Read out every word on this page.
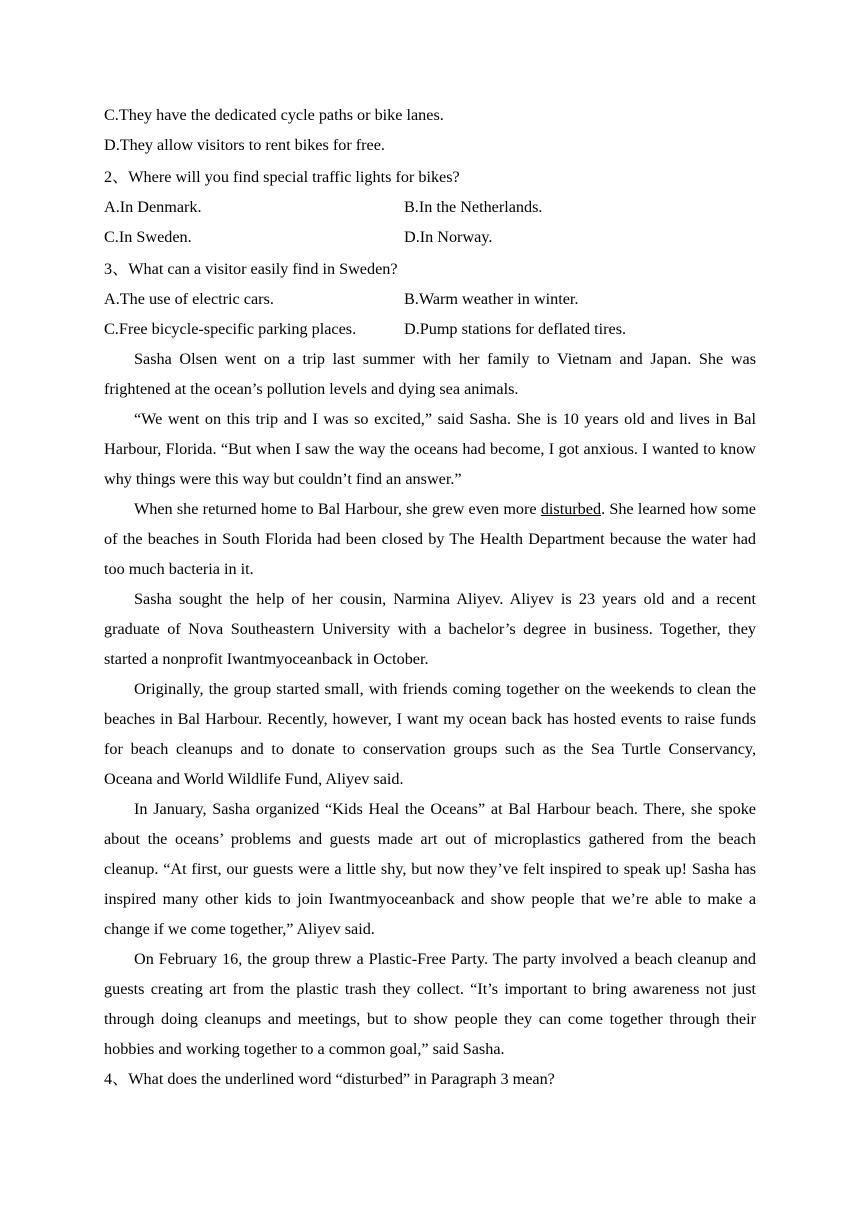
C.They have the dedicated cycle paths or bike lanes.
D.They allow visitors to rent bikes for free.
2、Where will you find special traffic lights for bikes?
A.In Denmark.	B.In the Netherlands.
C.In Sweden.	D.In Norway.
3、What can a visitor easily find in Sweden?
A.The use of electric cars.	B.Warm weather in winter.
C.Free bicycle-specific parking places.	D.Pump stations for deflated tires.

Sasha Olsen went on a trip last summer with her family to Vietnam and Japan. She was frightened at the ocean’s pollution levels and dying sea animals.

“We went on this trip and I was so excited,” said Sasha. She is 10 years old and lives in Bal Harbour, Florida. “But when I saw the way the oceans had become, I got anxious. I wanted to know why things were this way but couldn’t find an answer.”

When she returned home to Bal Harbour, she grew even more disturbed. She learned how some of the beaches in South Florida had been closed by The Health Department because the water had too much bacteria in it.

Sasha sought the help of her cousin, Narmina Aliyev. Aliyev is 23 years old and a recent graduate of Nova Southeastern University with a bachelor’s degree in business. Together, they started a nonprofit Iwantmyoceanback in October.

Originally, the group started small, with friends coming together on the weekends to clean the beaches in Bal Harbour. Recently, however, I want my ocean back has hosted events to raise funds for beach cleanups and to donate to conservation groups such as the Sea Turtle Conservancy, Oceana and World Wildlife Fund, Aliyev said.

In January, Sasha organized “Kids Heal the Oceans” at Bal Harbour beach. There, she spoke about the oceans’ problems and guests made art out of microplastics gathered from the beach cleanup. “At first, our guests were a little shy, but now they’ve felt inspired to speak up! Sasha has inspired many other kids to join Iwantmyoceanback and show people that we’re able to make a change if we come together,” Aliyev said.

On February 16, the group threw a Plastic-Free Party. The party involved a beach cleanup and guests creating art from the plastic trash they collect. “It’s important to bring awareness not just through doing cleanups and meetings, but to show people they can come together through their hobbies and working together to a common goal,” said Sasha.

4、What does the underlined word “disturbed” in Paragraph 3 mean?
